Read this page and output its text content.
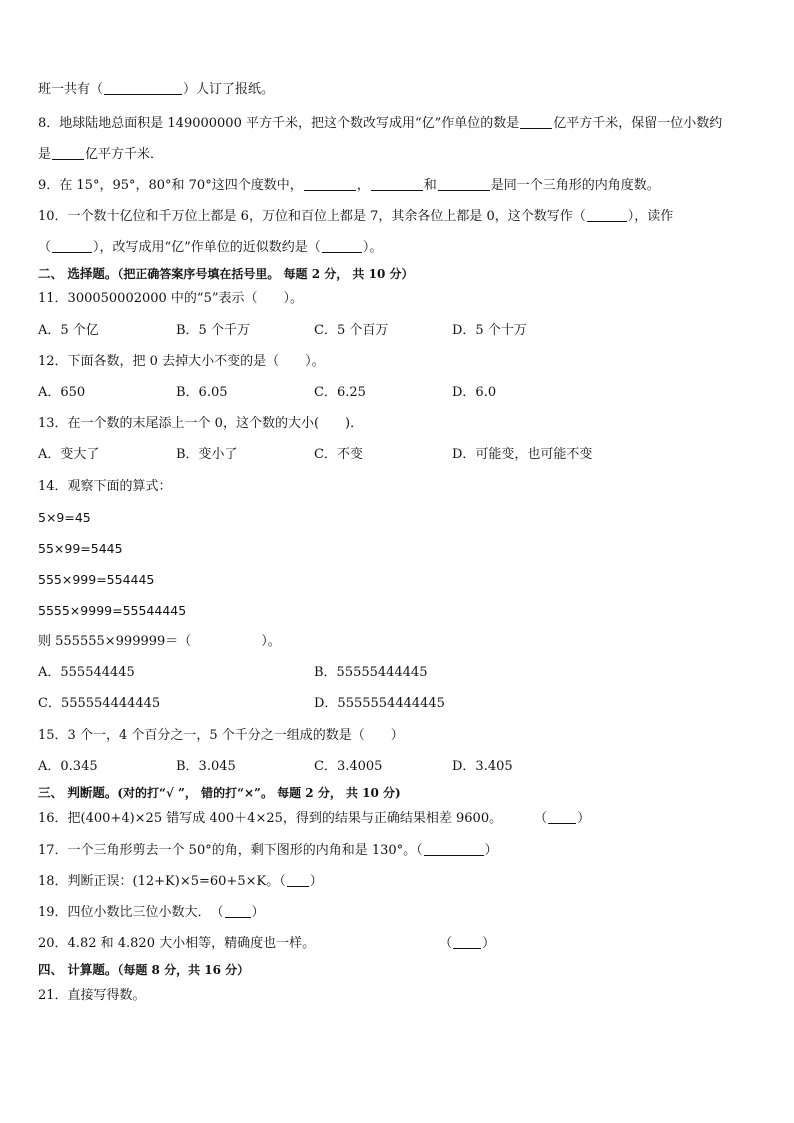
班一共有（	）人订了报纸。
8．地球陆地总面积是 149000000 平方千米，把这个数改写成用“亿”作单位的数是	亿平方千米，保留一位小数约
是	亿平方千米．
9．在 15°，95°，80°和 70°这四个度数中，	，	和	是同一个三角形的内角度数。
10．一个数十亿位和千万位上都是 6，万位和百位上都是 7，其余各位上都是 0，这个数写作（	），读作
（	），改写成用“亿”作单位的近似数约是（	）。
二、 选择题。（把正确答案序号填在括号里。 每题 2 分， 共 10 分）
11．300050002000 中的“5”表示（　　）。
A．5 个亿	B．5 个千万	C．5 个百万	D．5 个十万
12．下面各数，把 0 去掉大小不变的是（　　）。
A．650	B．6.05	C．6.25	D．6.0
13．在一个数的末尾添上一个 0，这个数的大小(　　)．
A．变大了	B．变小了	C．不变	D．可能变，也可能不变
14．观察下面的算式：
5×9=45
55×99=5445
555×999=554445
5555×9999=55544445
则 555555×999999＝（	）。
A．555544445	B．55555444445
C．555554444445	D．5555554444445
15．3 个一，4 个百分之一，5 个千分之一组成的数是（　　）
A．0.345	B．3.045	C．3.4005	D．3.405
三、 判断题。(对的打“√ ”， 错的打“×”。 每题 2 分， 共 10 分)
16．把(400+4)×25 错写成 400＋4×25，得到的结果与正确结果相差 9600。 （ ）
17．一个三角形剪去一个 50°的角，剩下图形的内角和是 130°。（	）
18．判断正误：(12+K)×5=60+5×K。（ ）
19．四位小数比三位小数大．　（ ）
20．4.82 和 4.820 大小相等，精确度也一样。	（ ）
四、 计算题。（每题 8 分，共 16 分）
21．直接写得数。
